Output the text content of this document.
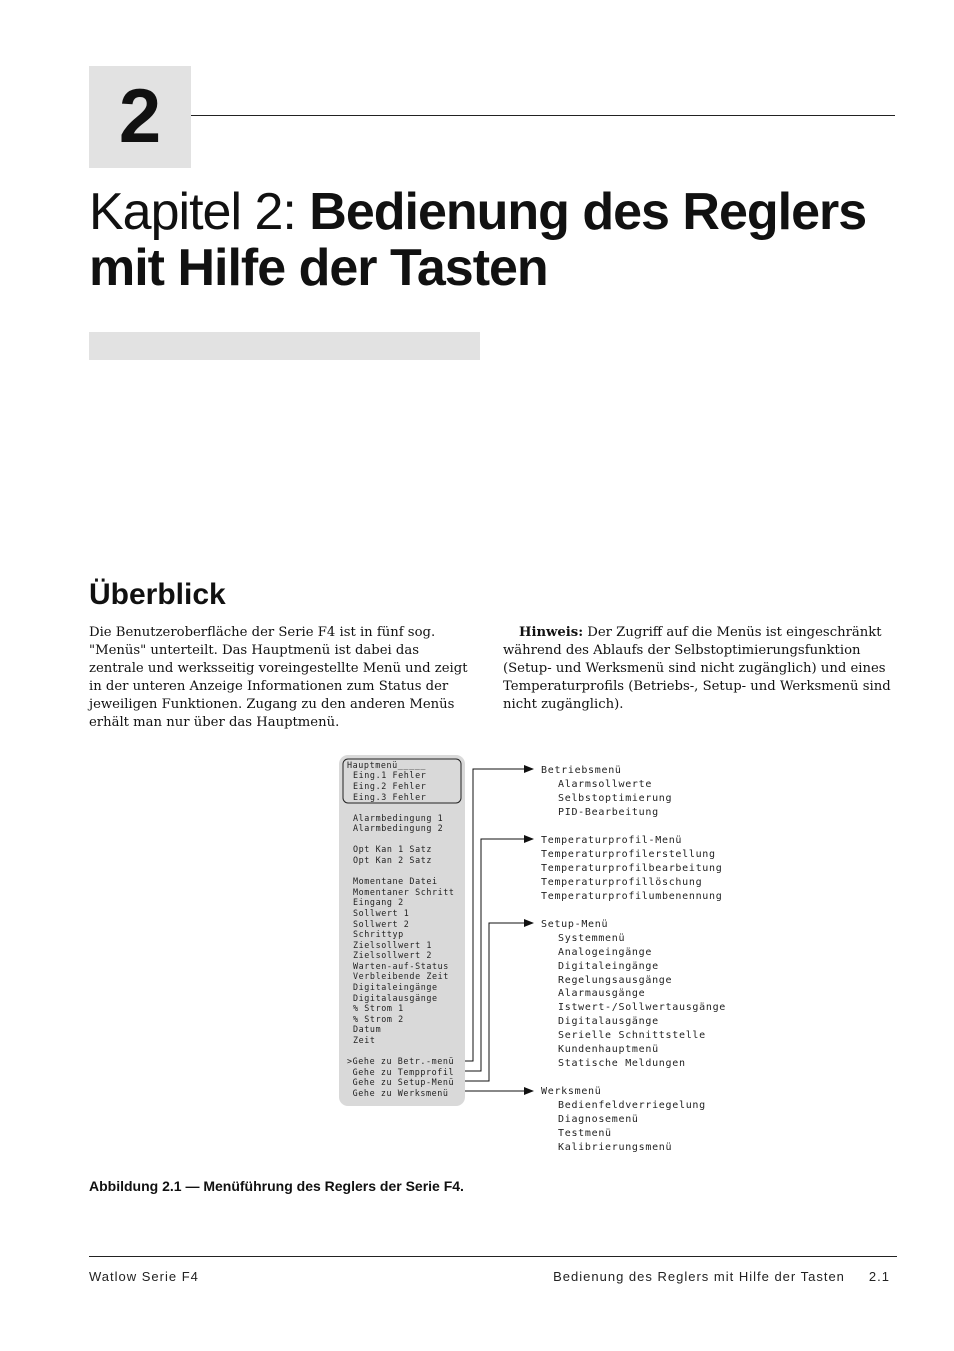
2
Kapitel 2: Bedienung des Reglers
mit Hilfe der Tasten
Überblick

Die Benutzeroberfläche der Serie F4 ist in fünf sog. "Menüs" unterteilt. Das Hauptmenü ist dabei das zentrale und werksseitig voreingestellte Menü und zeigt in der unteren Anzeige Informationen zum Status der jeweiligen Funktionen. Zugang zu den anderen Menüs erhält man nur über das Hauptmenü.

Hinweis: Der Zugriff auf die Menüs ist eingeschränkt während des Ablaufs der Selbstoptimierungsfunktion (Setup- und Werksmenü sind nicht zugänglich) und eines Temperaturprofils (Betriebs-, Setup- und Werksmenü sind nicht zugänglich).

Hauptmenü_____
Eing.1 Fehler
Eing.2 Fehler
Eing.3 Fehler
Alarmbedingung 1
Alarmbedingung 2
Opt Kan 1 Satz
Opt Kan 2 Satz
Momentane Datei
Momentaner Schritt
Eingang 2
Sollwert 1
Sollwert 2
Schrittyp
Zielsollwert 1
Zielsollwert 2
Warten-auf-Status
Verbleibende Zeit
Digitaleingänge
Digitalausgänge
% Strom 1
% Strom 2
Datum
Zeit
>Gehe zu Betr.-menü
Gehe zu Tempprofil
Gehe zu Setup-Menü
Gehe zu Werksmenü
Betriebsmenü
Alarmsollwerte
Selbstoptimierung
PID-Bearbeitung
Temperaturprofil-Menü
Temperaturprofilerstellung
Temperaturprofilbearbeitung
Temperaturprofillöschung
Temperaturprofilumbenennung
Setup-Menü
Systemmenü
Analogeingänge
Digitaleingänge
Regelungsausgänge
Alarmausgänge
Istwert-/Sollwertausgänge
Digitalausgänge
Serielle Schnittstelle
Kundenhauptmenü
Statische Meldungen
Werksmenü
Bedienfeldverriegelung
Diagnosemenü
Testmenü
Kalibrierungsmenü

Abbildung 2.1 — Menüführung des Reglers der Serie F4.

Watlow Serie F4	Bedienung des Reglers mit Hilfe der Tasten 2.1
